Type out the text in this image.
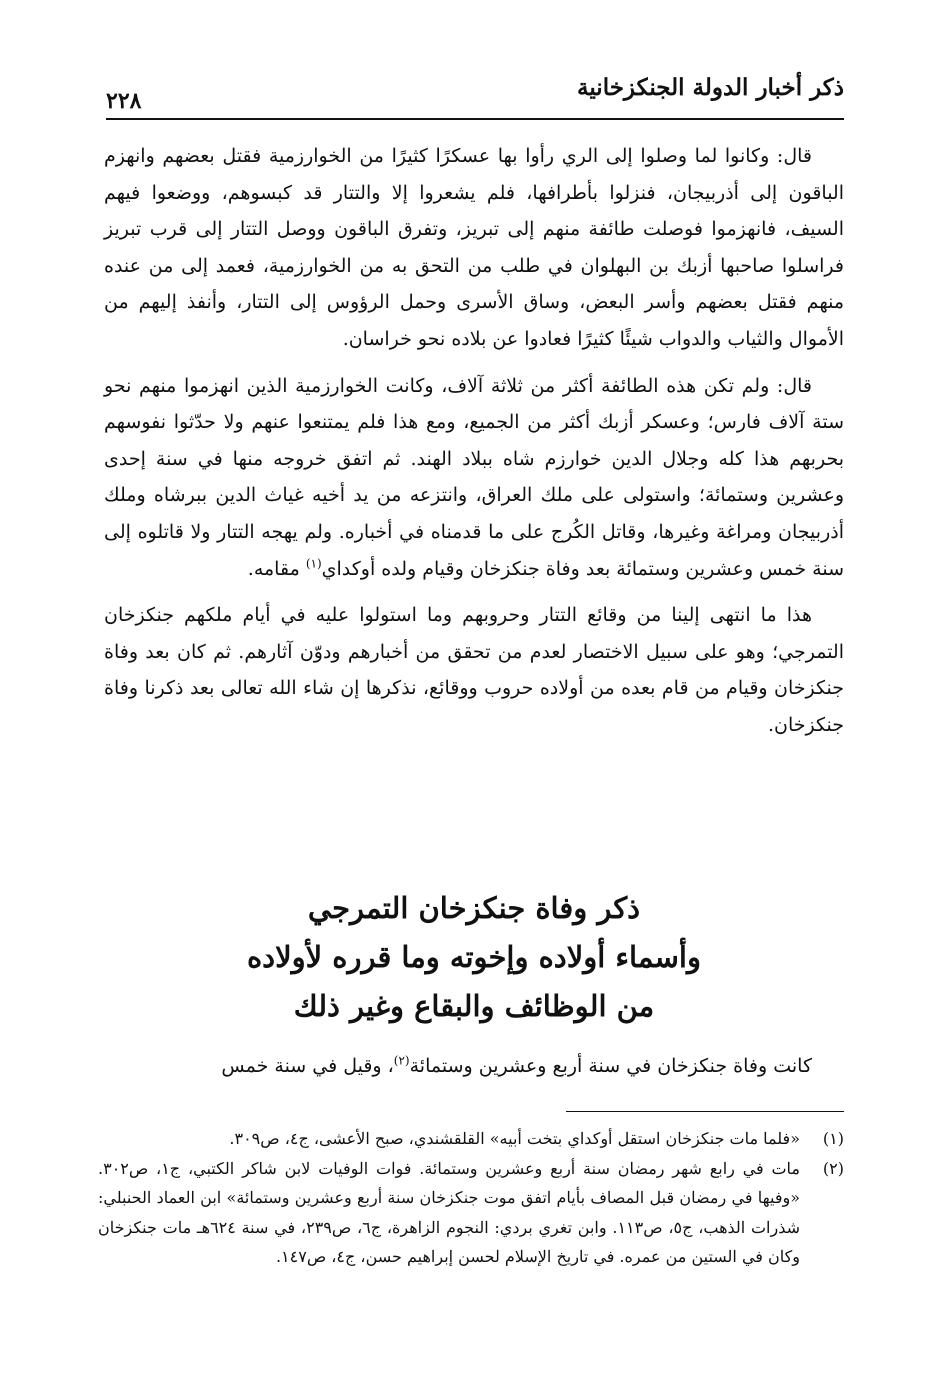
ذكر أخبار الدولة الجنكزخانية
٢٢٨

قال: وكانوا لما وصلوا إلى الري رأوا بها عسكرًا كثيرًا من الخوارزمية فقتل بعضهم وانهزم الباقون إلى أذربيجان، فنزلوا بأطرافها، فلم يشعروا إلا والتتار قد كبسوهم، ووضعوا فيهم السيف، فانهزموا فوصلت طائفة منهم إلى تبريز، وتفرق الباقون ووصل التتار إلى قرب تبريز فراسلوا صاحبها أزبك بن البهلوان في طلب من التحق به من الخوارزمية، فعمد إلى من عنده منهم فقتل بعضهم وأسر البعض، وساق الأسرى وحمل الرؤوس إلى التتار، وأنفذ إليهم من الأموال والثياب والدواب شيئًا كثيرًا فعادوا عن بلاده نحو خراسان.

قال: ولم تكن هذه الطائفة أكثر من ثلاثة آلاف، وكانت الخوارزمية الذين انهزموا منهم نحو ستة آلاف فارس؛ وعسكر أزبك أكثر من الجميع، ومع هذا فلم يمتنعوا عنهم ولا حدّثوا نفوسهم بحربهم هذا كله وجلال الدين خوارزم شاه ببلاد الهند. ثم اتفق خروجه منها في سنة إحدى وعشرين وستمائة؛ واستولى على ملك العراق، وانتزعه من يد أخيه غياث الدين ببرشاه وملك أذربيجان ومراغة وغيرها، وقاتل الكُرج على ما قدمناه في أخباره. ولم يهجه التتار ولا قاتلوه إلى سنة خمس وعشرين وستمائة بعد وفاة جنكزخان وقيام ولده أوكداي$^{(١)}$ مقامه.

هذا ما انتهى إلينا من وقائع التتار وحروبهم وما استولوا عليه في أيام ملكهم جنكزخان التمرجي؛ وهو على سبيل الاختصار لعدم من تحقق من أخبارهم ودوّن آثارهم. ثم كان بعد وفاة جنكزخان وقيام من قام بعده من أولاده حروب ووقائع، نذكرها إن شاء الله تعالى بعد ذكرنا وفاة جنكزخان.

ذكر وفاة جنكزخان التمرجي
وأسماء أولاده وإخوته وما قرره لأولاده
من الوظائف والبقاع وغير ذلك

كانت وفاة جنكزخان في سنة أربع وعشرين وستمائة$^{(٢)}$، وقيل في سنة خمس

(١)
«فلما مات جنكزخان استقل أوكداي بتخت أبيه» القلقشندي، صبح الأعشى، ج٤، ص٣٠٩.
(٢)
مات في رابع شهر رمضان سنة أربع وعشرين وستمائة. فوات الوفيات لابن شاكر الكتبي، ج١، ص٣٠٢. «وفيها في رمضان قبل المصاف بأيام اتفق موت جنكزخان سنة أربع وعشرين وستمائة» ابن العماد الحنبلي: شذرات الذهب، ج٥، ص١١٣. وابن تغري بردي: النجوم الزاهرة، ج٦، ص٢٣٩، في سنة ٦٢٤هـ مات جنكزخان وكان في الستين من عمره. في تاريخ الإسلام لحسن إبراهيم حسن، ج٤، ص١٤٧.
